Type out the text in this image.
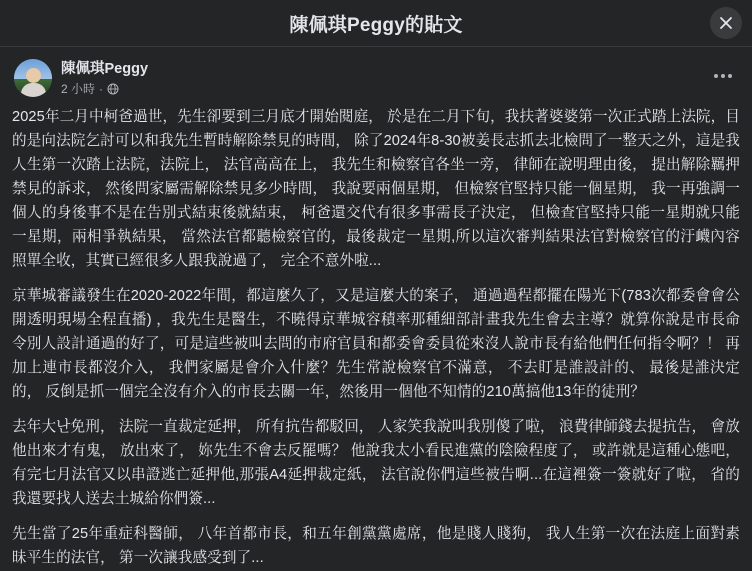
陳佩琪Peggy的貼文
陳佩琪Peggy
2 小時 ·

2025年二月中柯爸過世，先生卻要到三月底才開始閱庭， 於是在二月下旬，我扶著婆婆第一次正式踏上法院，目的是向法院乞討可以和我先生暫時解除禁見的時間， 除了2024年8-30被姜長志抓去北檢問了一整天之外，這是我人生第一次踏上法院，法院上， 法官高高在上， 我先生和檢察官各坐一旁， 律師在說明理由後， 提出解除羈押禁見的訴求， 然後問家屬需解除禁見多少時間， 我說要兩個星期， 但檢察官堅持只能一個星期， 我一再強調一個人的身後事不是在告別式結束後就結束， 柯爸還交代有很多事需長子決定， 但檢查官堅持只能一星期就只能一星期，兩相爭執結果， 當然法官都聽檢察官的，最後裁定一星期,所以這次審判結果法官對檢察官的汙衊內容照單全收，其實已經很多人跟我說過了， 完全不意外啦...

京華城審議發生在2020-2022年間，都這麼久了，又是這麼大的案子， 通過過程都擺在陽光下(783次都委會會公開透明現場全程直播) ，我先生是醫生，不曉得京華城容積率那種細部計畫我先生會去主導？就算你說是市長命令別人設計通過的好了，可是這些被叫去問的市府官員和都委會委員從來沒人說市長有給他們任何指令啊？！ 再加上連市長都沒介入， 我們家屬是會介入什麼？先生常說檢察官不滿意， 不去盯是誰設計的、 最後是誰決定的， 反倒是抓一個完全沒有介入的市長去關一年，然後用一個他不知情的210萬搞他13年的徒刑？

去年大난免刑， 法院一直裁定延押， 所有抗告都駁回， 人家笑我說叫我別傻了啦， 浪費律師錢去提抗告， 會放他出來才有鬼， 放出來了， 妳先生不會去反罷嗎？ 他說我太小看民進黨的陰險程度了， 或許就是這種心態吧， 有完七月法官又以串證逃亡延押他,那張A4延押裁定紙， 法官說你們這些被告啊...在這裡簽一簽就好了啦， 省的我還要找人送去土城給你們簽...

先生當了25年重症科醫師， 八年首都市長，和五年創黨黨處席，他是賤人賤狗， 我人生第一次在法庭上面對素昧平生的法官， 第一次讓我感受到了...
